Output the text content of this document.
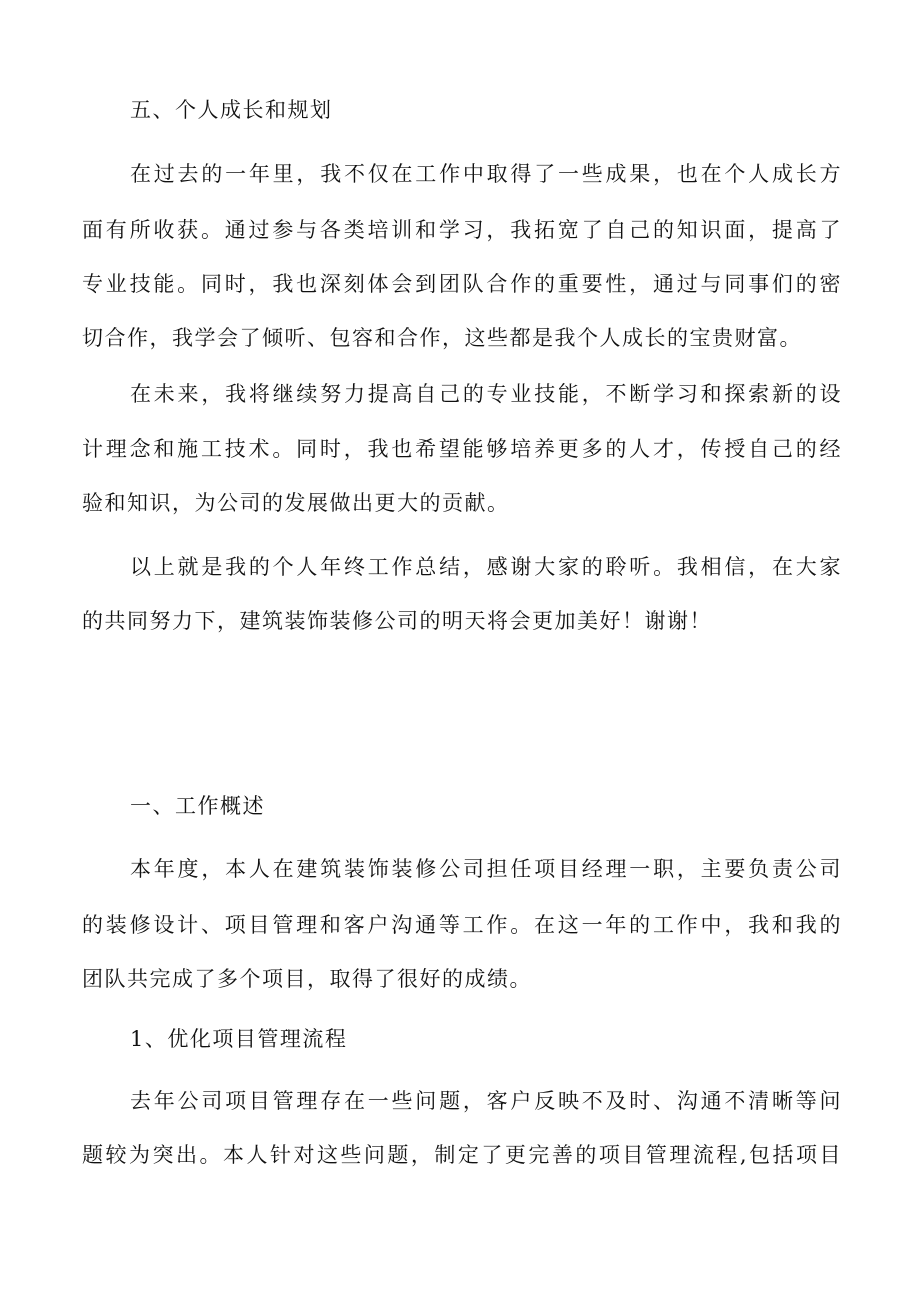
五、个人成长和规划

在过去的一年里，我不仅在工作中取得了一些成果，也在个人成长方

面有所收获。通过参与各类培训和学习，我拓宽了自己的知识面，提高了

专业技能。同时，我也深刻体会到团队合作的重要性，通过与同事们的密

切合作，我学会了倾听、包容和合作，这些都是我个人成长的宝贵财富。

在未来，我将继续努力提高自己的专业技能，不断学习和探索新的设

计理念和施工技术。同时，我也希望能够培养更多的人才，传授自己的经

验和知识，为公司的发展做出更大的贡献。

以上就是我的个人年终工作总结，感谢大家的聆听。我相信，在大家

的共同努力下，建筑装饰装修公司的明天将会更加美好！谢谢！

一、工作概述

本年度，本人在建筑装饰装修公司担任项目经理一职，主要负责公司

的装修设计、项目管理和客户沟通等工作。在这一年的工作中，我和我的

团队共完成了多个项目，取得了很好的成绩。

1、优化项目管理流程

去年公司项目管理存在一些问题，客户反映不及时、沟通不清晰等问

题较为突出。本人针对这些问题，制定了更完善的项目管理流程,包括项目
